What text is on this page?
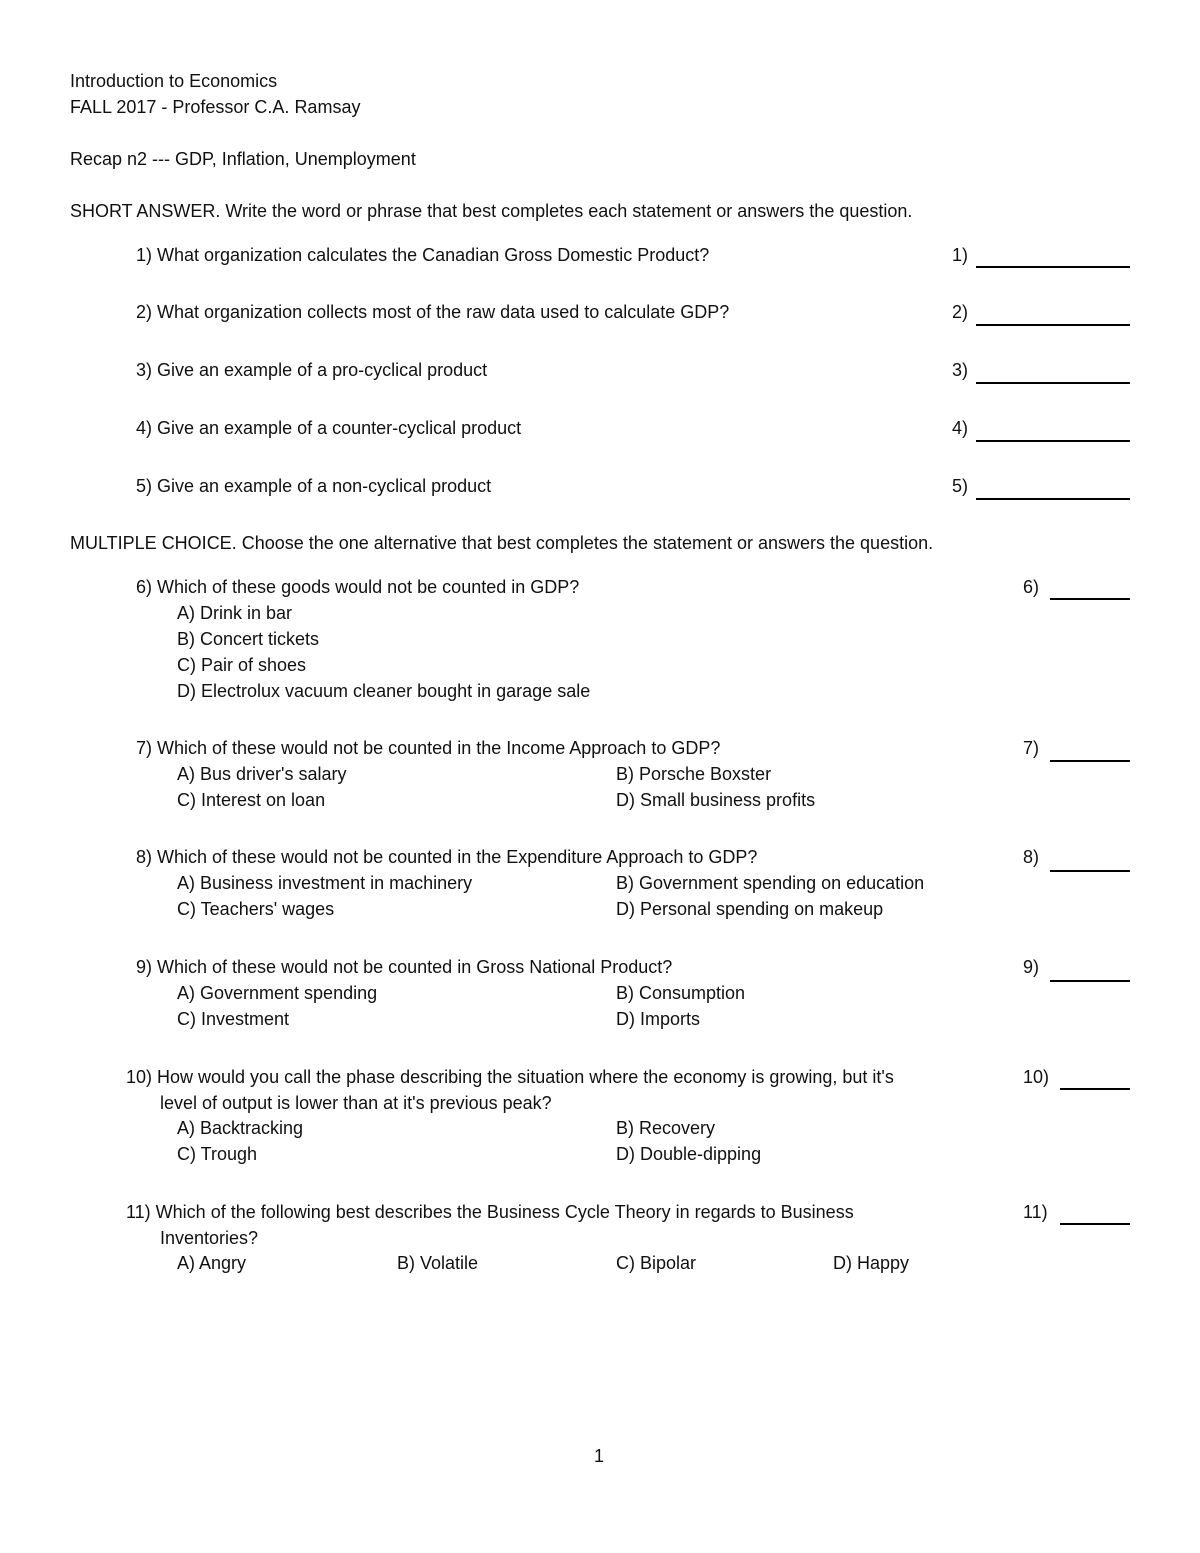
Introduction to Economics
FALL 2017 - Professor C.A. Ramsay
Recap n2 --- GDP, Inflation, Unemployment
SHORT ANSWER. Write the word or phrase that best completes each statement or answers the question.
1) What organization calculates the Canadian Gross Domestic Product?	1)
2) What organization collects most of the raw data used to calculate GDP?	2)
3) Give an example of a pro-cyclical product	3)
4) Give an example of a counter-cyclical product	4)
5) Give an example of a non-cyclical product	5)
MULTIPLE CHOICE. Choose the one alternative that best completes the statement or answers the question.
6) Which of these goods would not be counted in GDP?	6)
A) Drink in bar
B) Concert tickets
C) Pair of shoes
D) Electrolux vacuum cleaner bought in garage sale
7) Which of these would not be counted in the Income Approach to GDP?	7)
A) Bus driver's salary	B) Porsche Boxster
C) Interest on loan	D) Small business profits
8) Which of these would not be counted in the Expenditure Approach to GDP?	8)
A) Business investment in machinery	B) Government spending on education
C) Teachers' wages	D) Personal spending on makeup
9) Which of these would not be counted in Gross National Product?	9)
A) Government spending	B) Consumption
C) Investment	D) Imports
10) How would you call the phase describing the situation where the economy is growing, but it's
level of output is lower than at it's previous peak?
10)
A) Backtracking	B) Recovery
C) Trough	D) Double-dipping
11) Which of the following best describes the Business Cycle Theory in regards to Business
Inventories?
11)
A) Angry	B) Volatile	C) Bipolar	D) Happy
1
